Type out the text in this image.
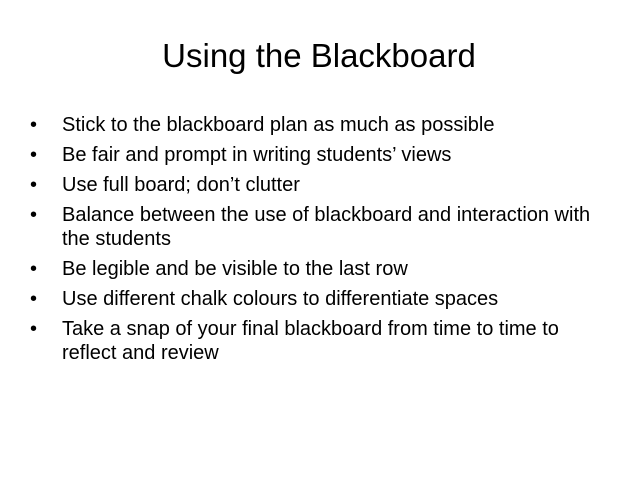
Using the Blackboard
•	Stick to the blackboard plan as much as possible
•	Be fair and prompt in writing students’ views
•	Use full board; don’t clutter
•	Balance between the use of blackboard and interaction with the students
•	Be legible and be visible to the last row
•	Use different chalk colours to differentiate spaces
•	Take a snap of your final blackboard from time to time to reflect and review
